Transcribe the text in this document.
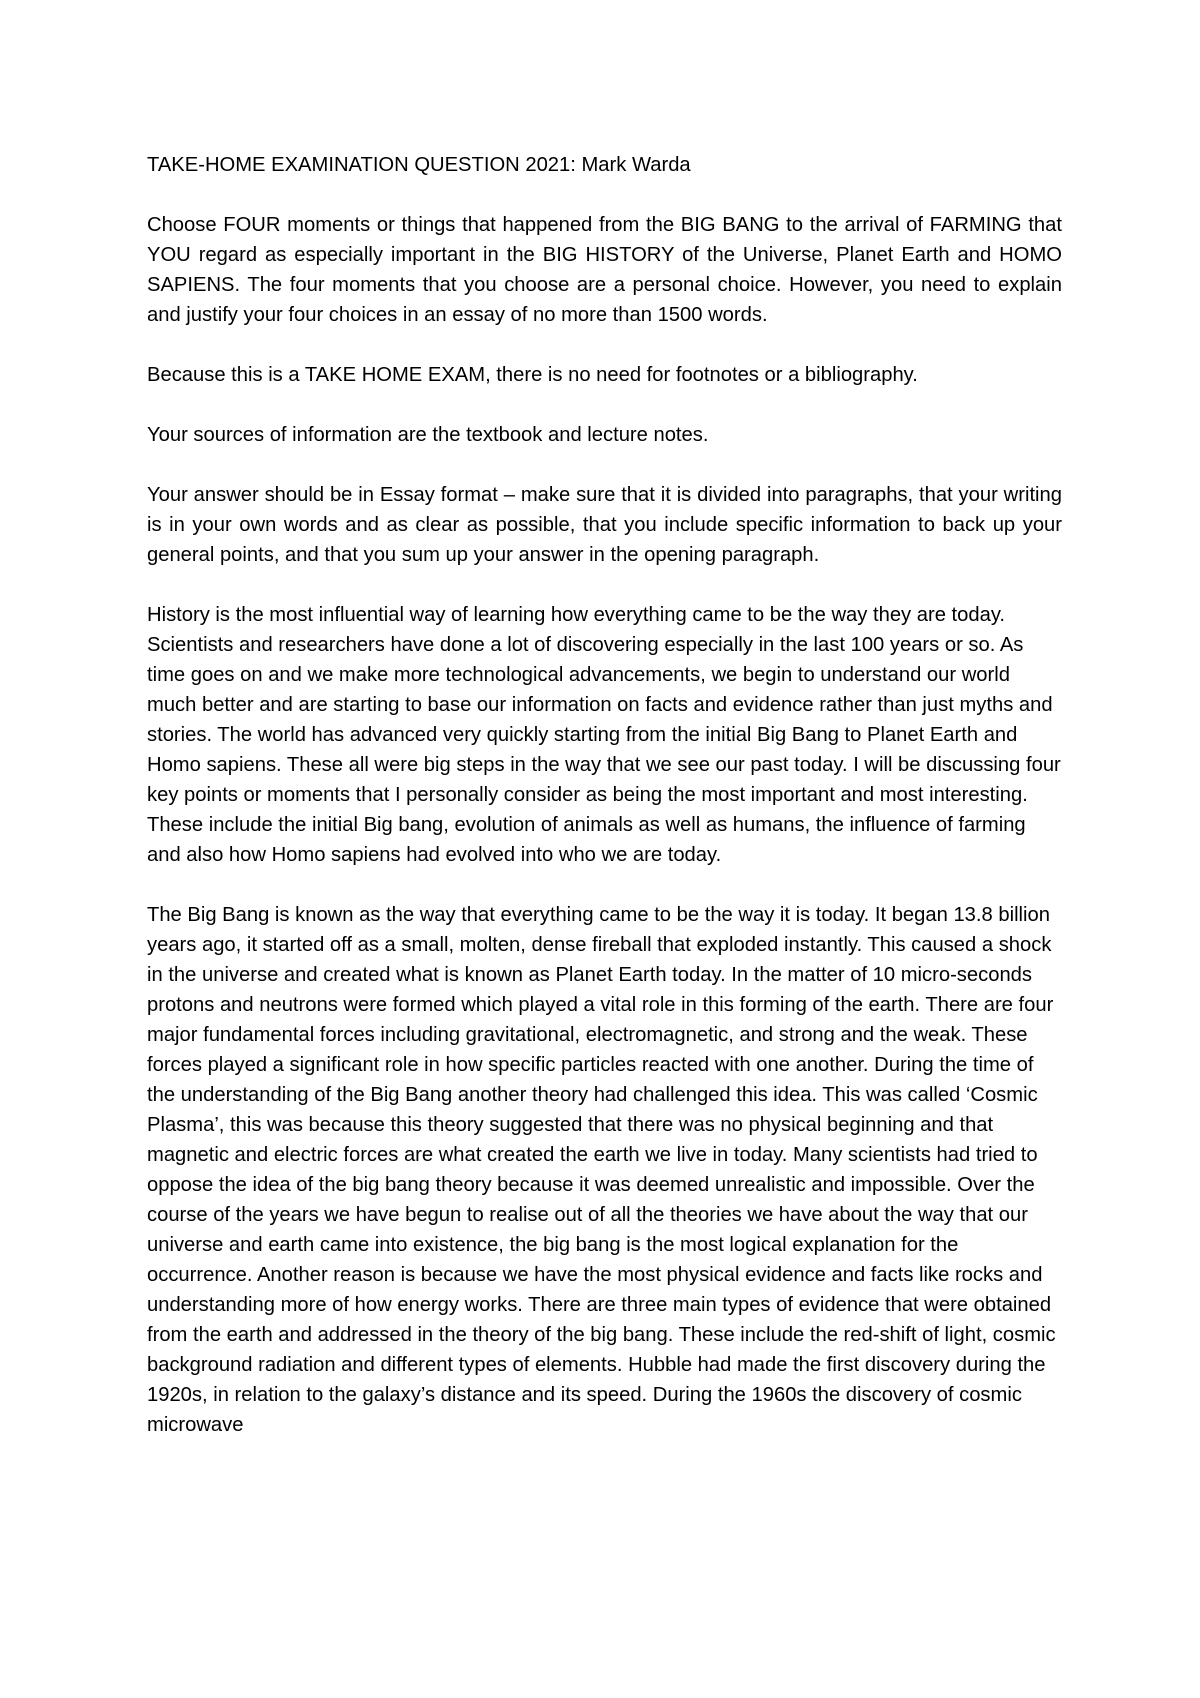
TAKE-HOME EXAMINATION QUESTION 2021: Mark Warda
Choose FOUR moments or things that happened from the BIG BANG to the arrival of FARMING that YOU regard as especially important in the BIG HISTORY of the Universe, Planet Earth and HOMO SAPIENS. The four moments that you choose are a personal choice. However, you need to explain and justify your four choices in an essay of no more than 1500 words.
Because this is a TAKE HOME EXAM, there is no need for footnotes or a bibliography.
Your sources of information are the textbook and lecture notes.
Your answer should be in Essay format – make sure that it is divided into paragraphs, that your writing is in your own words and as clear as possible, that you include specific information to back up your general points, and that you sum up your answer in the opening paragraph.
History is the most influential way of learning how everything came to be the way they are today. Scientists and researchers have done a lot of discovering especially in the last 100 years or so. As time goes on and we make more technological advancements, we begin to understand our world much better and are starting to base our information on facts and evidence rather than just myths and stories. The world has advanced very quickly starting from the initial Big Bang to Planet Earth and Homo sapiens. These all were big steps in the way that we see our past today. I will be discussing four key points or moments that I personally consider as being the most important and most interesting. These include the initial Big bang, evolution of animals as well as humans, the influence of farming and also how Homo sapiens had evolved into who we are today.
The Big Bang is known as the way that everything came to be the way it is today. It began 13.8 billion years ago, it started off as a small, molten, dense fireball that exploded instantly. This caused a shock in the universe and created what is known as Planet Earth today. In the matter of 10 micro-seconds protons and neutrons were formed which played a vital role in this forming of the earth. There are four major fundamental forces including gravitational, electromagnetic, and strong and the weak. These forces played a significant role in how specific particles reacted with one another. During the time of the understanding of the Big Bang another theory had challenged this idea. This was called ‘Cosmic Plasma’, this was because this theory suggested that there was no physical beginning and that magnetic and electric forces are what created the earth we live in today. Many scientists had tried to oppose the idea of the big bang theory because it was deemed unrealistic and impossible. Over the course of the years we have begun to realise out of all the theories we have about the way that our universe and earth came into existence, the big bang is the most logical explanation for the occurrence. Another reason is because we have the most physical evidence and facts like rocks and understanding more of how energy works. There are three main types of evidence that were obtained from the earth and addressed in the theory of the big bang. These include the red-shift of light, cosmic background radiation and different types of elements. Hubble had made the first discovery during the 1920s, in relation to the galaxy’s distance and its speed. During the 1960s the discovery of cosmic microwave
